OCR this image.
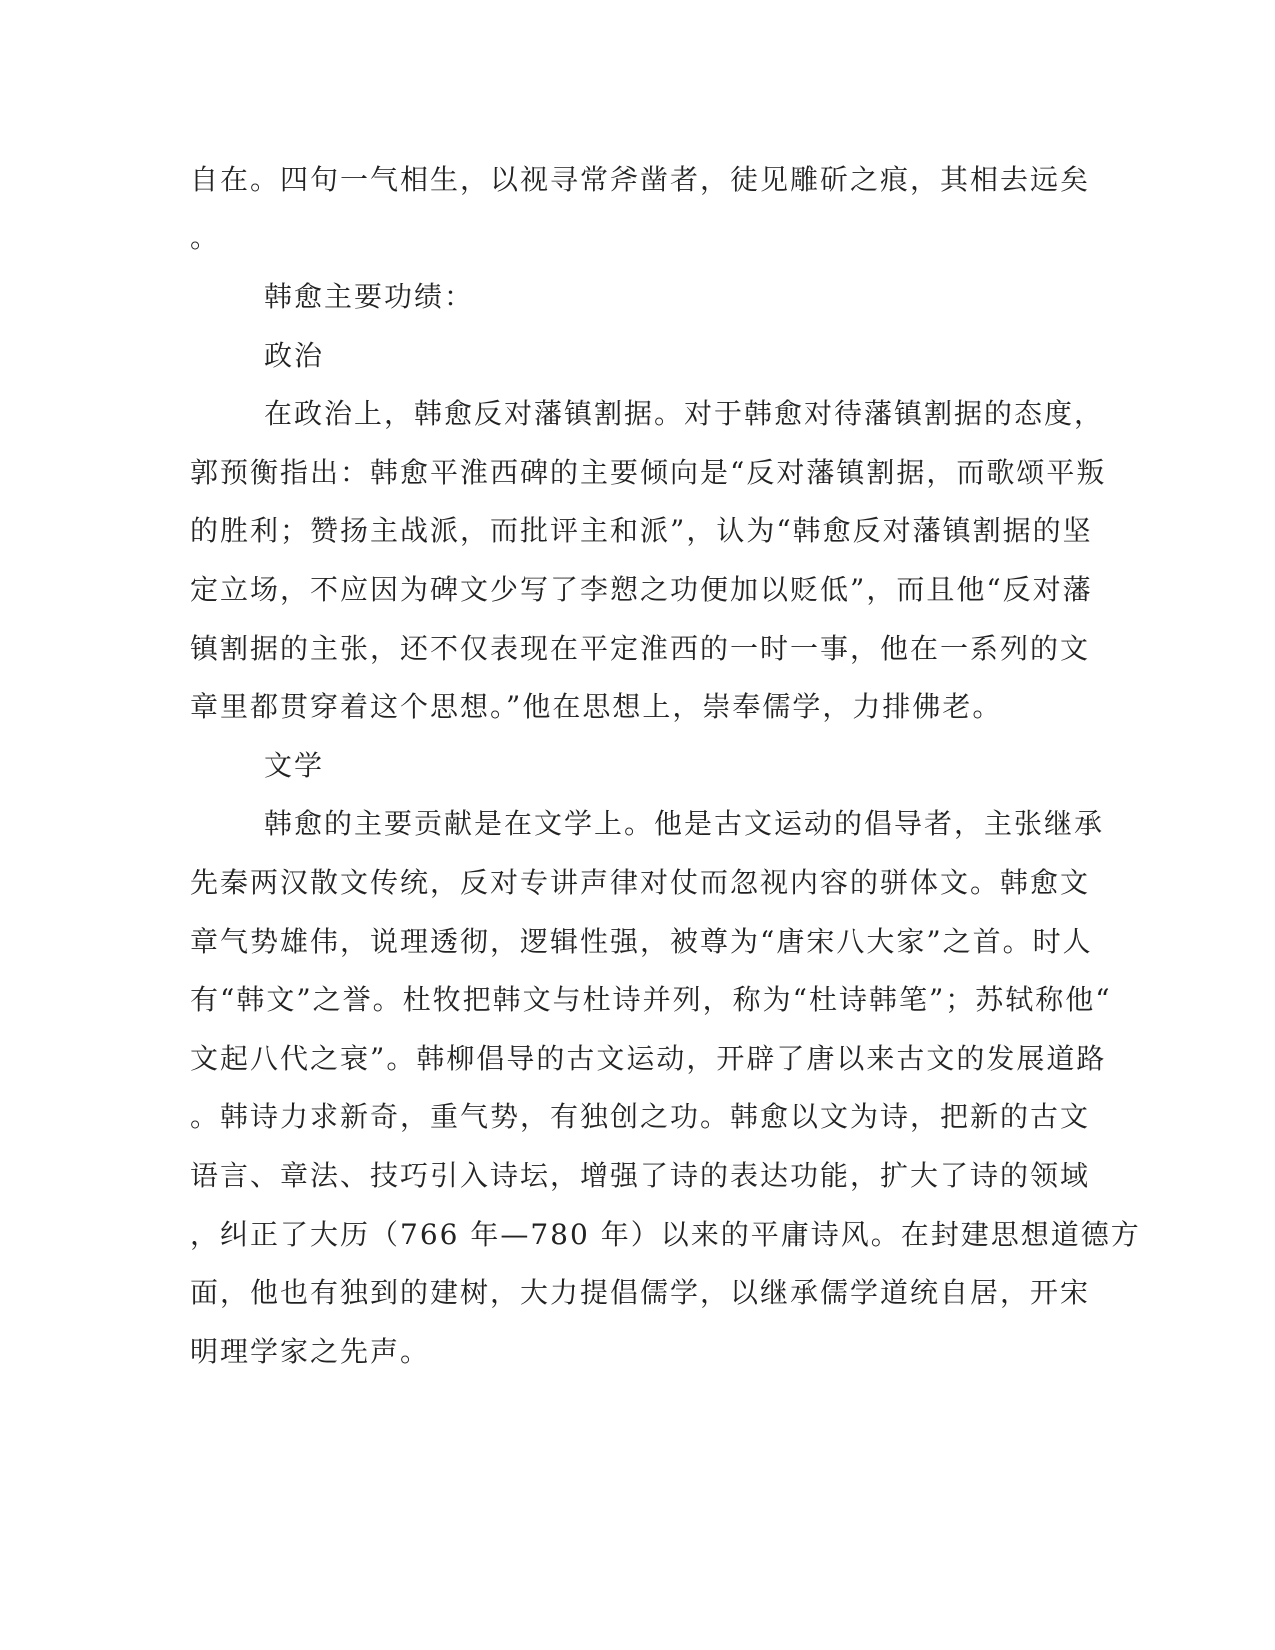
自在。四句一气相生，以视寻常斧凿者，徒见雕斫之痕，其相去远矣
。
韩愈主要功绩：
政治
在政治上，韩愈反对藩镇割据。对于韩愈对待藩镇割据的态度，
郭预衡指出：韩愈平淮西碑的主要倾向是“反对藩镇割据，而歌颂平叛
的胜利；赞扬主战派，而批评主和派”，认为“韩愈反对藩镇割据的坚
定立场，不应因为碑文少写了李愬之功便加以贬低”，而且他“反对藩
镇割据的主张，还不仅表现在平定淮西的一时一事，他在一系列的文
章里都贯穿着这个思想。”他在思想上，崇奉儒学，力排佛老。
文学
韩愈的主要贡献是在文学上。他是古文运动的倡导者，主张继承
先秦两汉散文传统，反对专讲声律对仗而忽视内容的骈体文。韩愈文
章气势雄伟，说理透彻，逻辑性强，被尊为“唐宋八大家”之首。时人
有“韩文”之誉。杜牧把韩文与杜诗并列，称为“杜诗韩笔”；苏轼称他“
文起八代之衰”。韩柳倡导的古文运动，开辟了唐以来古文的发展道路
。韩诗力求新奇，重气势，有独创之功。韩愈以文为诗，把新的古文
语言、章法、技巧引入诗坛，增强了诗的表达功能，扩大了诗的领域
，纠正了大历（766 年—780 年）以来的平庸诗风。在封建思想道德方
面，他也有独到的建树，大力提倡儒学，以继承儒学道统自居，开宋
明理学家之先声。
